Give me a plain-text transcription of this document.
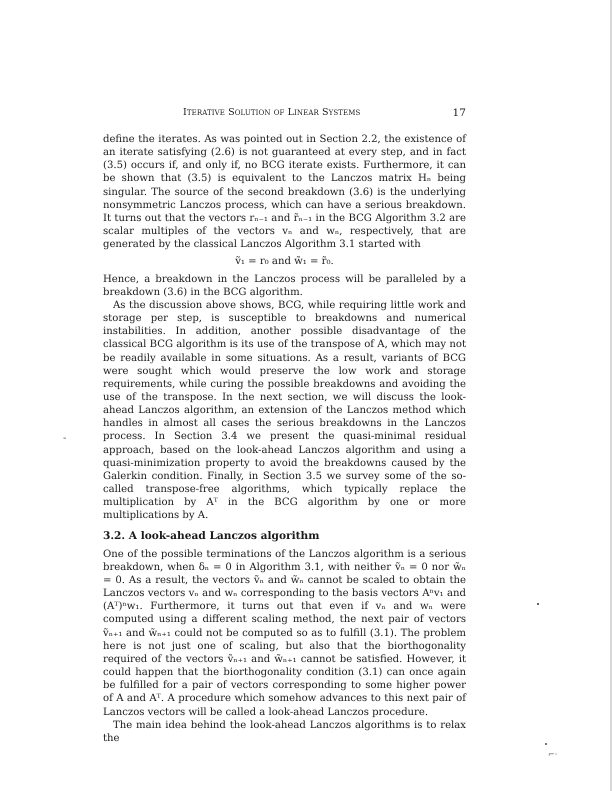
Iterative Solution of Linear Systems	17

define the iterates. As was pointed out in Section 2.2, the existence of an iterate satisfying (2.6) is not guaranteed at every step, and in fact (3.5) occurs if, and only if, no BCG iterate exists. Furthermore, it can be shown that (3.5) is equivalent to the Lanczos matrix Hₙ being singular. The source of the second breakdown (3.6) is the underlying nonsymmetric Lanczos process, which can have a serious breakdown. It turns out that the vectors rₙ₋₁ and r̃ₙ₋₁ in the BCG Algorithm 3.2 are scalar multiples of the vectors vₙ and wₙ, respectively, that are generated by the classical Lanczos Algorithm 3.1 started with

ṽ₁ = r₀ and w̃₁ = r̃₀.

Hence, a breakdown in the Lanczos process will be paralleled by a breakdown (3.6) in the BCG algorithm.

As the discussion above shows, BCG, while requiring little work and storage per step, is susceptible to breakdowns and numerical instabilities. In addition, another possible disadvantage of the classical BCG algorithm is its use of the transpose of A, which may not be readily available in some situations. As a result, variants of BCG were sought which would preserve the low work and storage requirements, while curing the possible breakdowns and avoiding the use of the transpose. In the next section, we will discuss the look-ahead Lanczos algorithm, an extension of the Lanczos method which handles in almost all cases the serious breakdowns in the Lanczos process. In Section 3.4 we present the quasi-minimal residual approach, based on the look-ahead Lanczos algorithm and using a quasi-minimization property to avoid the breakdowns caused by the Galerkin condition. Finally, in Section 3.5 we survey some of the so-called transpose-free algorithms, which typically replace the multiplication by Aᵀ in the BCG algorithm by one or more multiplications by A.

3.2. A look-ahead Lanczos algorithm

One of the possible terminations of the Lanczos algorithm is a serious breakdown, when δₙ = 0 in Algorithm 3.1, with neither ṽₙ = 0 nor w̃ₙ = 0. As a result, the vectors ṽₙ and w̃ₙ cannot be scaled to obtain the Lanczos vectors vₙ and wₙ corresponding to the basis vectors Aⁿv₁ and (Aᵀ)ⁿw₁. Furthermore, it turns out that even if vₙ and wₙ were computed using a different scaling method, the next pair of vectors ṽₙ₊₁ and w̃ₙ₊₁ could not be computed so as to fulfill (3.1). The problem here is not just one of scaling, but also that the biorthogonality required of the vectors ṽₙ₊₁ and w̃ₙ₊₁ cannot be satisfied. However, it could happen that the biorthogonality condition (3.1) can once again be fulfilled for a pair of vectors corresponding to some higher power of A and Aᵀ. A procedure which somehow advances to this next pair of Lanczos vectors will be called a look-ahead Lanczos procedure.

The main idea behind the look-ahead Lanczos algorithms is to relax the

-
⌐·
